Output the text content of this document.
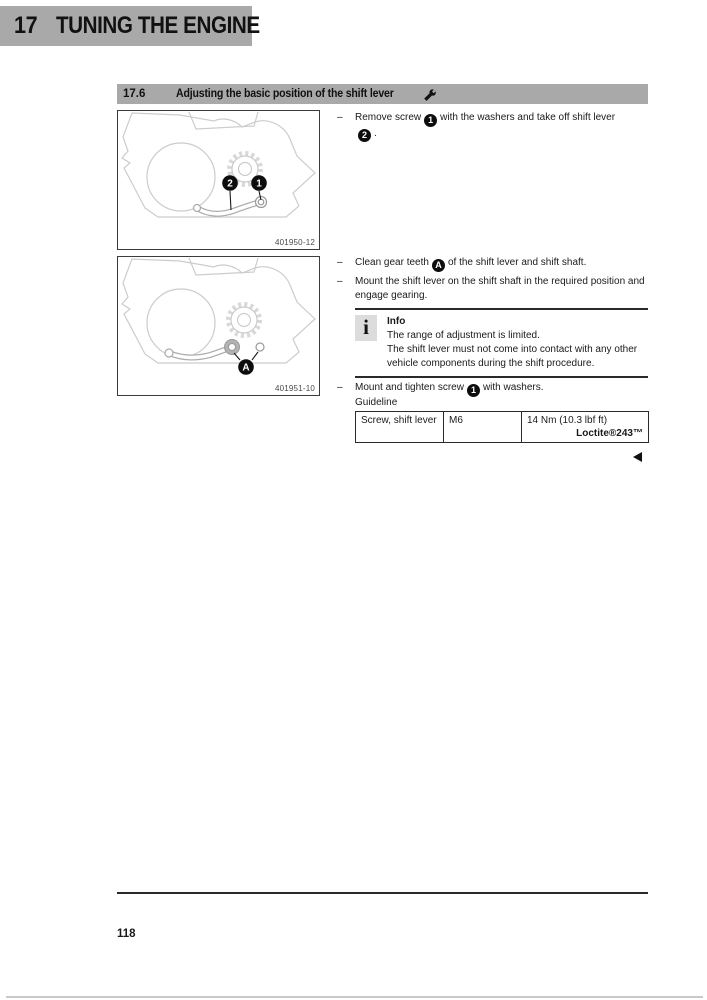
17 TUNING THE ENGINE
17.6	Adjusting the basic position of the shift lever
2 1
401950-12
A
401951-10
–	Remove screw 1 with the washers and take off shift lever2 .
–	Clean gear teeth A of the shift lever and shift shaft.
–	Mount the shift lever on the shift shaft in the required position and engage gearing.
i	Info
The range of adjustment is limited.
The shift lever must not come into contact with any other vehicle components during the shift procedure.
–	Mount and tighten screw 1 with washers.
Guideline
Screw, shift lever	M6	14 Nm (10.3 lbf ft)
Loctite®243™
118
